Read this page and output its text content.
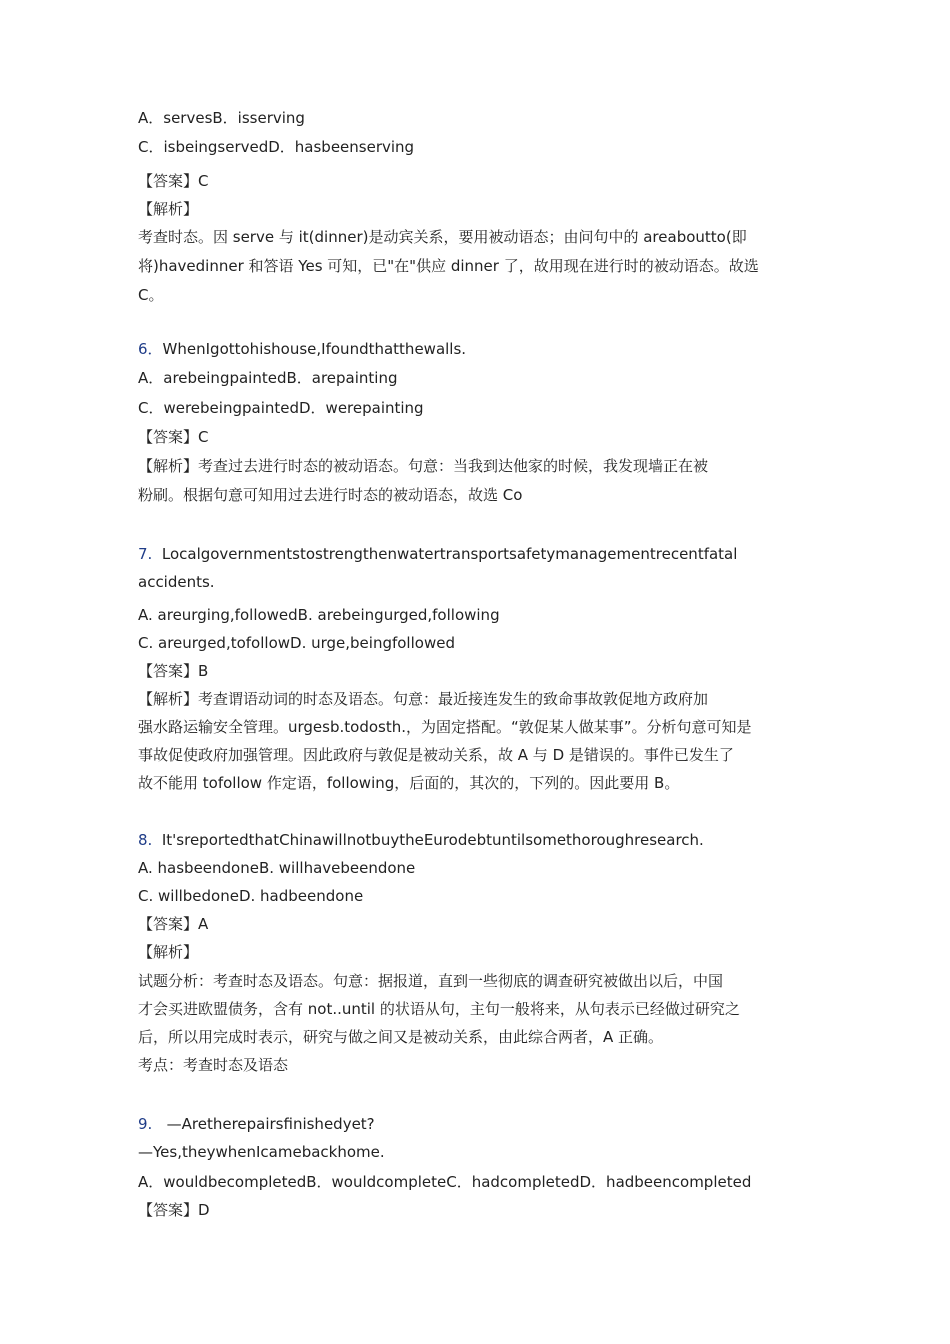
A．servesB．isserving
C．isbeingservedD．hasbeenserving
【答案】C
【解析】
考查时态。因 serve 与 it(dinner)是动宾关系，要用被动语态；由问句中的 areaboutto(即
将)havedinner 和答语 Yes 可知，已"在"供应 dinner 了，故用现在进行时的被动语态。故选
C。
6．WhenIgottohishouse,Ifoundthatthewalls.
A．arebeingpaintedB．arepainting
C．werebeingpaintedD．werepainting
【答案】C
【解析】考查过去进行时态的被动语态。句意：当我到达他家的时候，我发现墙正在被
粉刷。根据句意可知用过去进行时态的被动语态，故选 Co
7. Localgovernmentstostrengthenwatertransportsafetymanagementrecentfatal
accidents.
A. areurging,followedB. arebeingurged,following
C. areurged,tofollowD. urge,beingfollowed
【答案】B
【解析】考查谓语动词的时态及语态。句意：最近接连发生的致命事故敦促地方政府加
强水路运输安全管理。urgesb.todosth.，为固定搭配。“敦促某人做某事”。分析句意可知是
事故促使政府加强管理。因此政府与敦促是被动关系，故 A 与 D 是错误的。事件已发生了
故不能用 tofollow 作定语，following，后面的，其次的，下列的。因此要用 B。
8. It'sreportedthatChinawillnotbuytheEurodebtuntilsomethoroughresearch.
A. hasbeendoneB. willhavebeendone
C. willbedoneD. hadbeendone
【答案】A
【解析】
试题分析：考查时态及语态。句意：据报道，直到一些彻底的调查研究被做出以后，中国
才会买进欧盟债务，含有 not..until 的状语从句，主句一般将来，从句表示已经做过研究之
后，所以用完成时表示，研究与做之间又是被动关系，由此综合两者，A 正确。
考点：考查时态及语态
9. —Aretherepairsfinishedyet?
—Yes,theywhenIcamebackhome.
A．wouldbecompletedB．wouldcompleteC．hadcompletedD．hadbeencompleted
【答案】D
